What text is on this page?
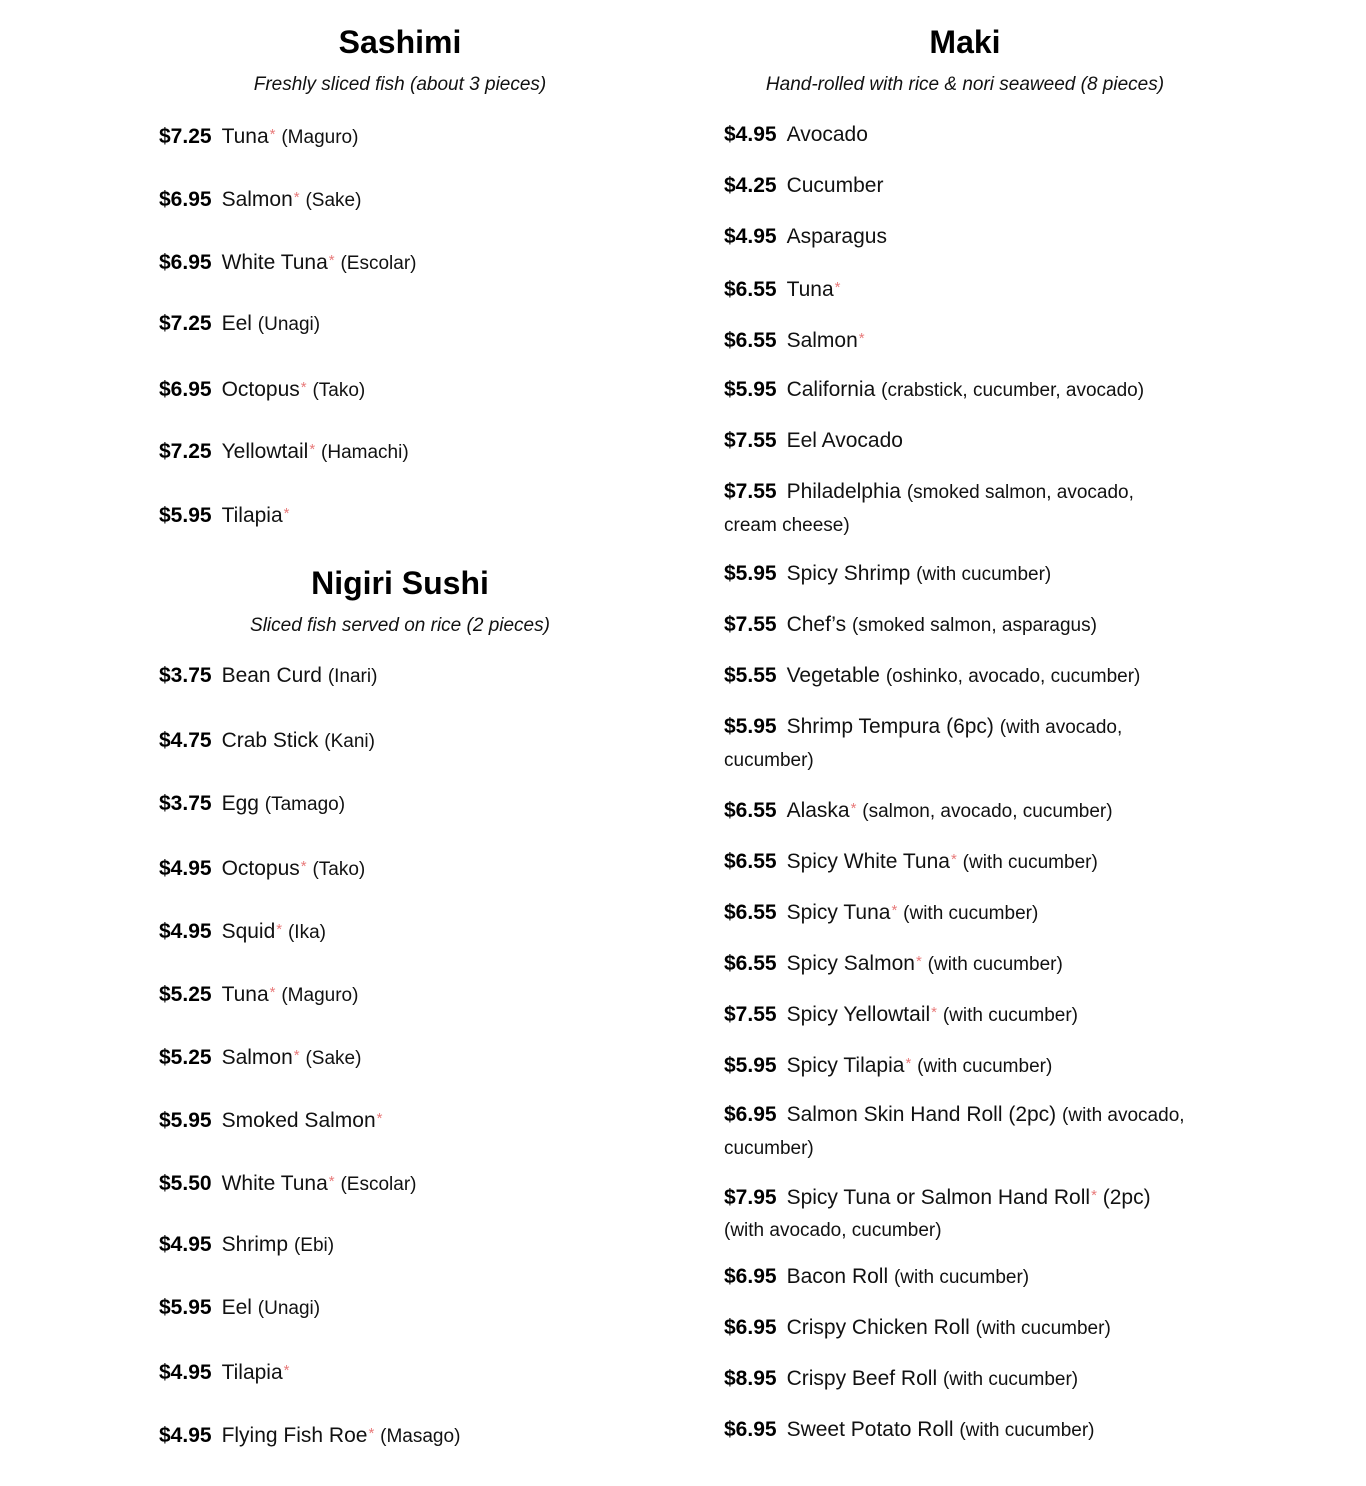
Sashimi
Freshly sliced fish (about 3 pieces)
$7.25 Tuna* (Maguro)
$6.95 Salmon* (Sake)
$6.95 White Tuna* (Escolar)
$7.25 Eel (Unagi)
$6.95 Octopus* (Tako)
$7.25 Yellowtail* (Hamachi)
$5.95 Tilapia*
Nigiri Sushi
Sliced fish served on rice (2 pieces)
$3.75 Bean Curd (Inari)
$4.75 Crab Stick (Kani)
$3.75 Egg (Tamago)
$4.95 Octopus* (Tako)
$4.95 Squid* (Ika)
$5.25 Tuna* (Maguro)
$5.25 Salmon* (Sake)
$5.95 Smoked Salmon*
$5.50 White Tuna* (Escolar)
$4.95 Shrimp (Ebi)
$5.95 Eel (Unagi)
$4.95 Tilapia*
$4.95 Flying Fish Roe* (Masago)
Maki
Hand-rolled with rice & nori seaweed (8 pieces)
$4.95 Avocado
$4.25 Cucumber
$4.95 Asparagus
$6.55 Tuna*
$6.55 Salmon*
$5.95 California (crabstick, cucumber, avocado)
$7.55 Eel Avocado
$7.55 Philadelphia (smoked salmon, avocado, cream cheese)
$5.95 Spicy Shrimp (with cucumber)
$7.55 Chef’s (smoked salmon, asparagus)
$5.55 Vegetable (oshinko, avocado, cucumber)
$5.95 Shrimp Tempura (6pc) (with avocado, cucumber)
$6.55 Alaska* (salmon, avocado, cucumber)
$6.55 Spicy White Tuna* (with cucumber)
$6.55 Spicy Tuna* (with cucumber)
$6.55 Spicy Salmon* (with cucumber)
$7.55 Spicy Yellowtail* (with cucumber)
$5.95 Spicy Tilapia* (with cucumber)
$6.95 Salmon Skin Hand Roll (2pc) (with avocado, cucumber)
$7.95 Spicy Tuna or Salmon Hand Roll* (2pc) (with avocado, cucumber)
$6.95 Bacon Roll (with cucumber)
$6.95 Crispy Chicken Roll (with cucumber)
$8.95 Crispy Beef Roll (with cucumber)
$6.95 Sweet Potato Roll (with cucumber)
